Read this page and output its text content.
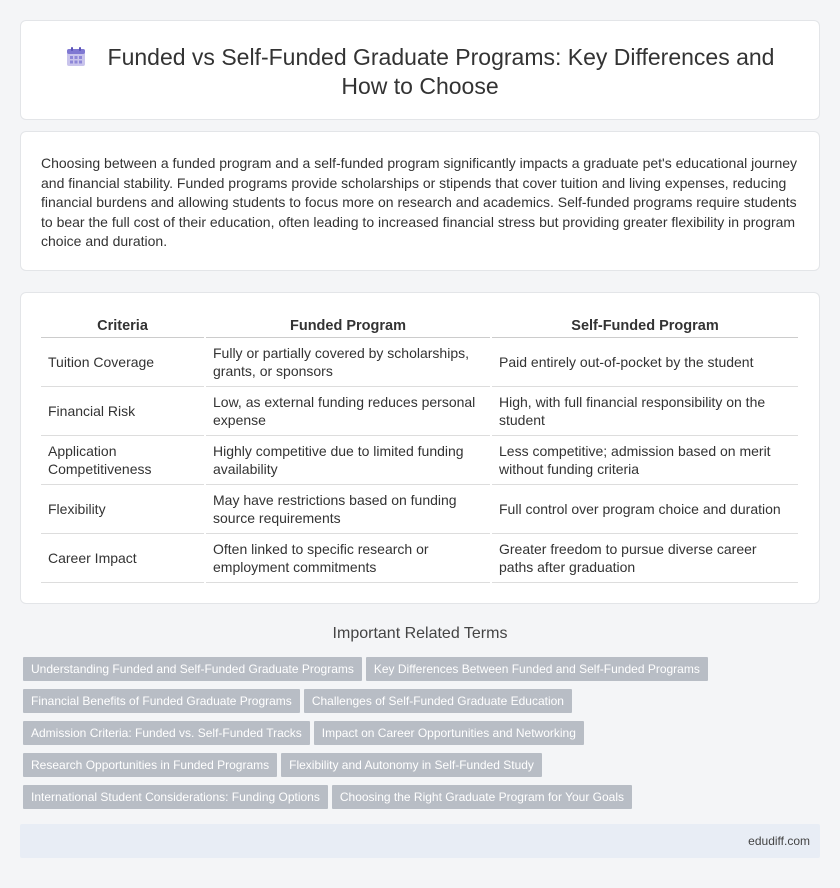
Funded vs Self-Funded Graduate Programs: Key Differences and How to Choose

Choosing between a funded program and a self-funded program significantly impacts a graduate pet's educational journey and financial stability. Funded programs provide scholarships or stipends that cover tuition and living expenses, reducing financial burdens and allowing students to focus more on research and academics. Self-funded programs require students to bear the full cost of their education, often leading to increased financial stress but providing greater flexibility in program choice and duration.

Criteria	Funded Program	Self-Funded Program
Tuition Coverage	Fully or partially covered by scholarships, grants, or sponsors	Paid entirely out-of-pocket by the student
Financial Risk	Low, as external funding reduces personal expense	High, with full financial responsibility on the student
Application Competitiveness	Highly competitive due to limited funding availability	Less competitive; admission based on merit without funding criteria
Flexibility	May have restrictions based on funding source requirements	Full control over program choice and duration
Career Impact	Often linked to specific research or employment commitments	Greater freedom to pursue diverse career paths after graduation
Important Related Terms
Understanding Funded and Self-Funded Graduate Programs Key Differences Between Funded and Self-Funded Programs
Financial Benefits of Funded Graduate Programs Challenges of Self-Funded Graduate Education
Admission Criteria: Funded vs. Self-Funded Tracks Impact on Career Opportunities and Networking
Research Opportunities in Funded Programs Flexibility and Autonomy in Self-Funded Study
International Student Considerations: Funding Options Choosing the Right Graduate Program for Your Goals
edudiff.com
